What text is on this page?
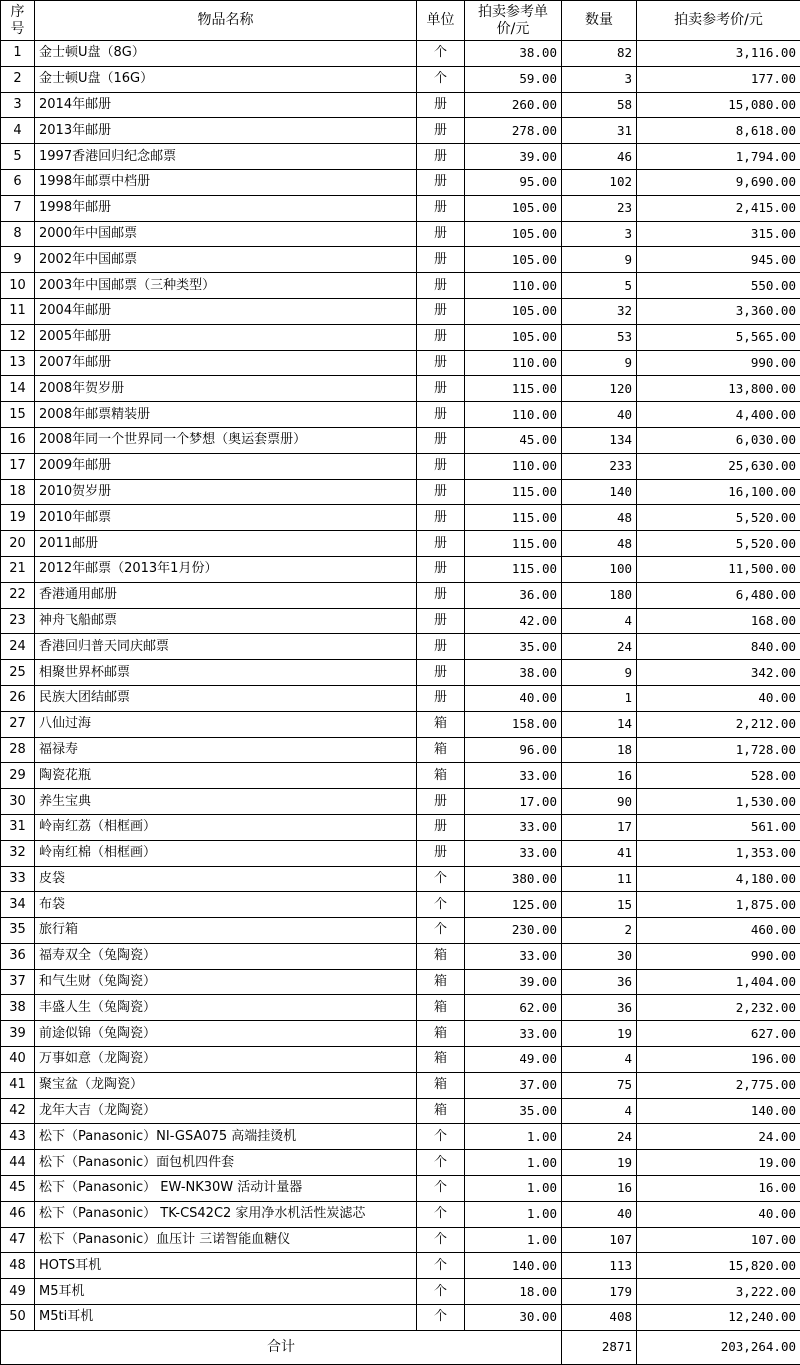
序号	物品名称	单位	拍卖参考单价/元	数量	拍卖参考价/元
1	金士顿U盘（8G）	个	38.00	82	3,116.00
2	金士顿U盘（16G）	个	59.00	3	177.00
3	2014年邮册	册	260.00	58	15,080.00
4	2013年邮册	册	278.00	31	8,618.00
5	1997香港回归纪念邮票	册	39.00	46	1,794.00
6	1998年邮票中档册	册	95.00	102	9,690.00
7	1998年邮册	册	105.00	23	2,415.00
8	2000年中国邮票	册	105.00	3	315.00
9	2002年中国邮票	册	105.00	9	945.00
10	2003年中国邮票（三种类型）	册	110.00	5	550.00
11	2004年邮册	册	105.00	32	3,360.00
12	2005年邮册	册	105.00	53	5,565.00
13	2007年邮册	册	110.00	9	990.00
14	2008年贺岁册	册	115.00	120	13,800.00
15	2008年邮票精装册	册	110.00	40	4,400.00
16	2008年同一个世界同一个梦想（奥运套票册）	册	45.00	134	6,030.00
17	2009年邮册	册	110.00	233	25,630.00
18	2010贺岁册	册	115.00	140	16,100.00
19	2010年邮票	册	115.00	48	5,520.00
20	2011邮册	册	115.00	48	5,520.00
21	2012年邮票（2013年1月份）	册	115.00	100	11,500.00
22	香港通用邮册	册	36.00	180	6,480.00
23	神舟飞船邮票	册	42.00	4	168.00
24	香港回归普天同庆邮票	册	35.00	24	840.00
25	相聚世界杯邮票	册	38.00	9	342.00
26	民族大团结邮票	册	40.00	1	40.00
27	八仙过海	箱	158.00	14	2,212.00
28	福禄寿	箱	96.00	18	1,728.00
29	陶瓷花瓶	箱	33.00	16	528.00
30	养生宝典	册	17.00	90	1,530.00
31	岭南红荔（相框画）	册	33.00	17	561.00
32	岭南红棉（相框画）	册	33.00	41	1,353.00
33	皮袋	个	380.00	11	4,180.00
34	布袋	个	125.00	15	1,875.00
35	旅行箱	个	230.00	2	460.00
36	福寿双全（兔陶瓷）	箱	33.00	30	990.00
37	和气生财（兔陶瓷）	箱	39.00	36	1,404.00
38	丰盛人生（兔陶瓷）	箱	62.00	36	2,232.00
39	前途似锦（兔陶瓷）	箱	33.00	19	627.00
40	万事如意（龙陶瓷）	箱	49.00	4	196.00
41	聚宝盆（龙陶瓷）	箱	37.00	75	2,775.00
42	龙年大吉（龙陶瓷）	箱	35.00	4	140.00
43	松下（Panasonic）NI-GSA075 高端挂烫机	个	1.00	24	24.00
44	松下（Panasonic）面包机四件套	个	1.00	19	19.00
45	松下（Panasonic） EW-NK30W 活动计量器	个	1.00	16	16.00
46	松下（Panasonic） TK-CS42C2 家用净水机活性炭滤芯	个	1.00	40	40.00
47	松下（Panasonic）血压计 三诺智能血糖仪	个	1.00	107	107.00
48	HOTS耳机	个	140.00	113	15,820.00
49	M5耳机	个	18.00	179	3,222.00
50	M5ti耳机	个	30.00	408	12,240.00
合计				2871	203,264.00
